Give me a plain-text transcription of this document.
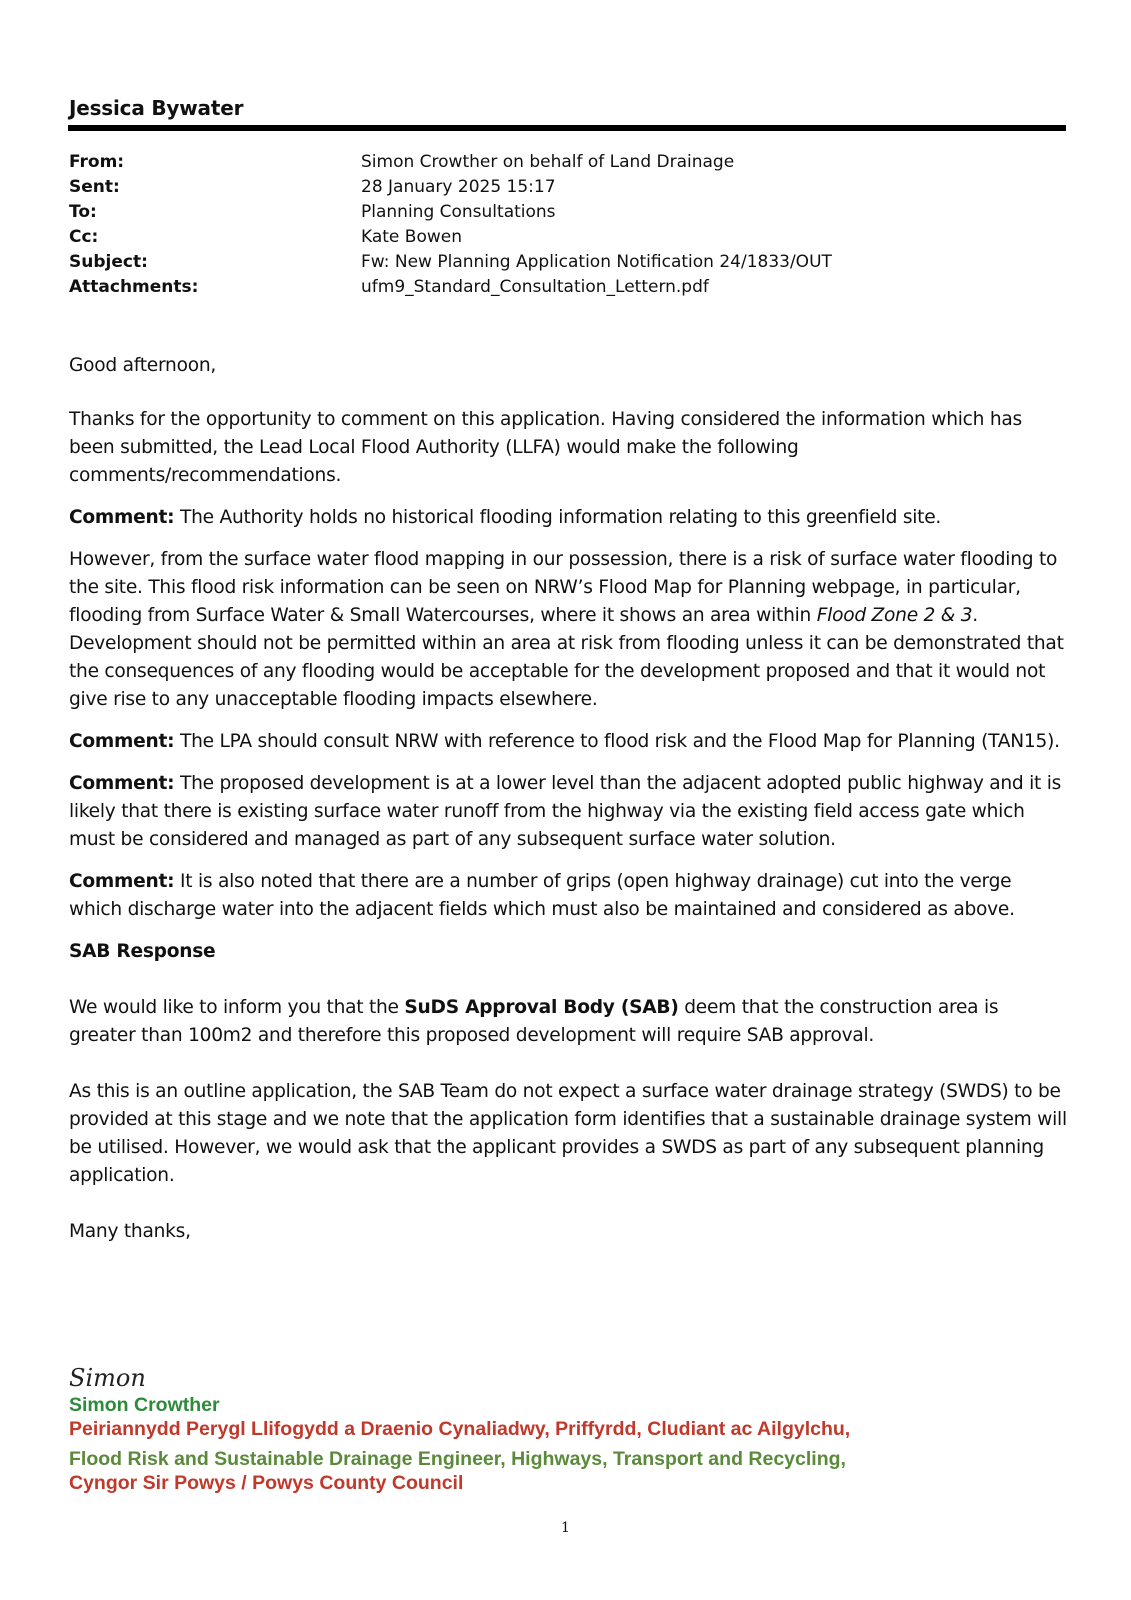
Jessica Bywater
From:	Simon Crowther on behalf of Land Drainage
Sent:	28 January 2025 15:17
To:	Planning Consultations
Cc:	Kate Bowen
Subject:	Fw: New Planning Application Notification 24/1833/OUT
Attachments:	ufm9_Standard_Consultation_Lettern.pdf

Good afternoon,

Thanks for the opportunity to comment on this application. Having considered the information which has been submitted, the Lead Local Flood Authority (LLFA) would make the following comments/recommendations.

Comment: The Authority holds no historical flooding information relating to this greenfield site.

However, from the surface water flood mapping in our possession, there is a risk of surface water flooding to the site. This flood risk information can be seen on NRW’s Flood Map for Planning webpage, in particular, flooding from Surface Water & Small Watercourses, where it shows an area within Flood Zone 2 & 3. Development should not be permitted within an area at risk from flooding unless it can be demonstrated that the consequences of any flooding would be acceptable for the development proposed and that it would not give rise to any unacceptable flooding impacts elsewhere.

Comment: The LPA should consult NRW with reference to flood risk and the Flood Map for Planning (TAN15).

Comment: The proposed development is at a lower level than the adjacent adopted public highway and it is likely that there is existing surface water runoff from the highway via the existing field access gate which must be considered and managed as part of any subsequent surface water solution.

Comment: It is also noted that there are a number of grips (open highway drainage) cut into the verge which discharge water into the adjacent fields which must also be maintained and considered as above.

SAB Response

We would like to inform you that the SuDS Approval Body (SAB) deem that the construction area is greater than 100m2 and therefore this proposed development will require SAB approval.

As this is an outline application, the SAB Team do not expect a surface water drainage strategy (SWDS) to be provided at this stage and we note that the application form identifies that a sustainable drainage system will be utilised. However, we would ask that the applicant provides a SWDS as part of any subsequent planning application.

Many thanks,

Simon
Simon Crowther
Peiriannydd Perygl Llifogydd a Draenio Cynaliadwy, Priffyrdd, Cludiant ac Ailgylchu,
Flood Risk and Sustainable Drainage Engineer, Highways, Transport and Recycling,
Cyngor Sir Powys / Powys County Council
1
